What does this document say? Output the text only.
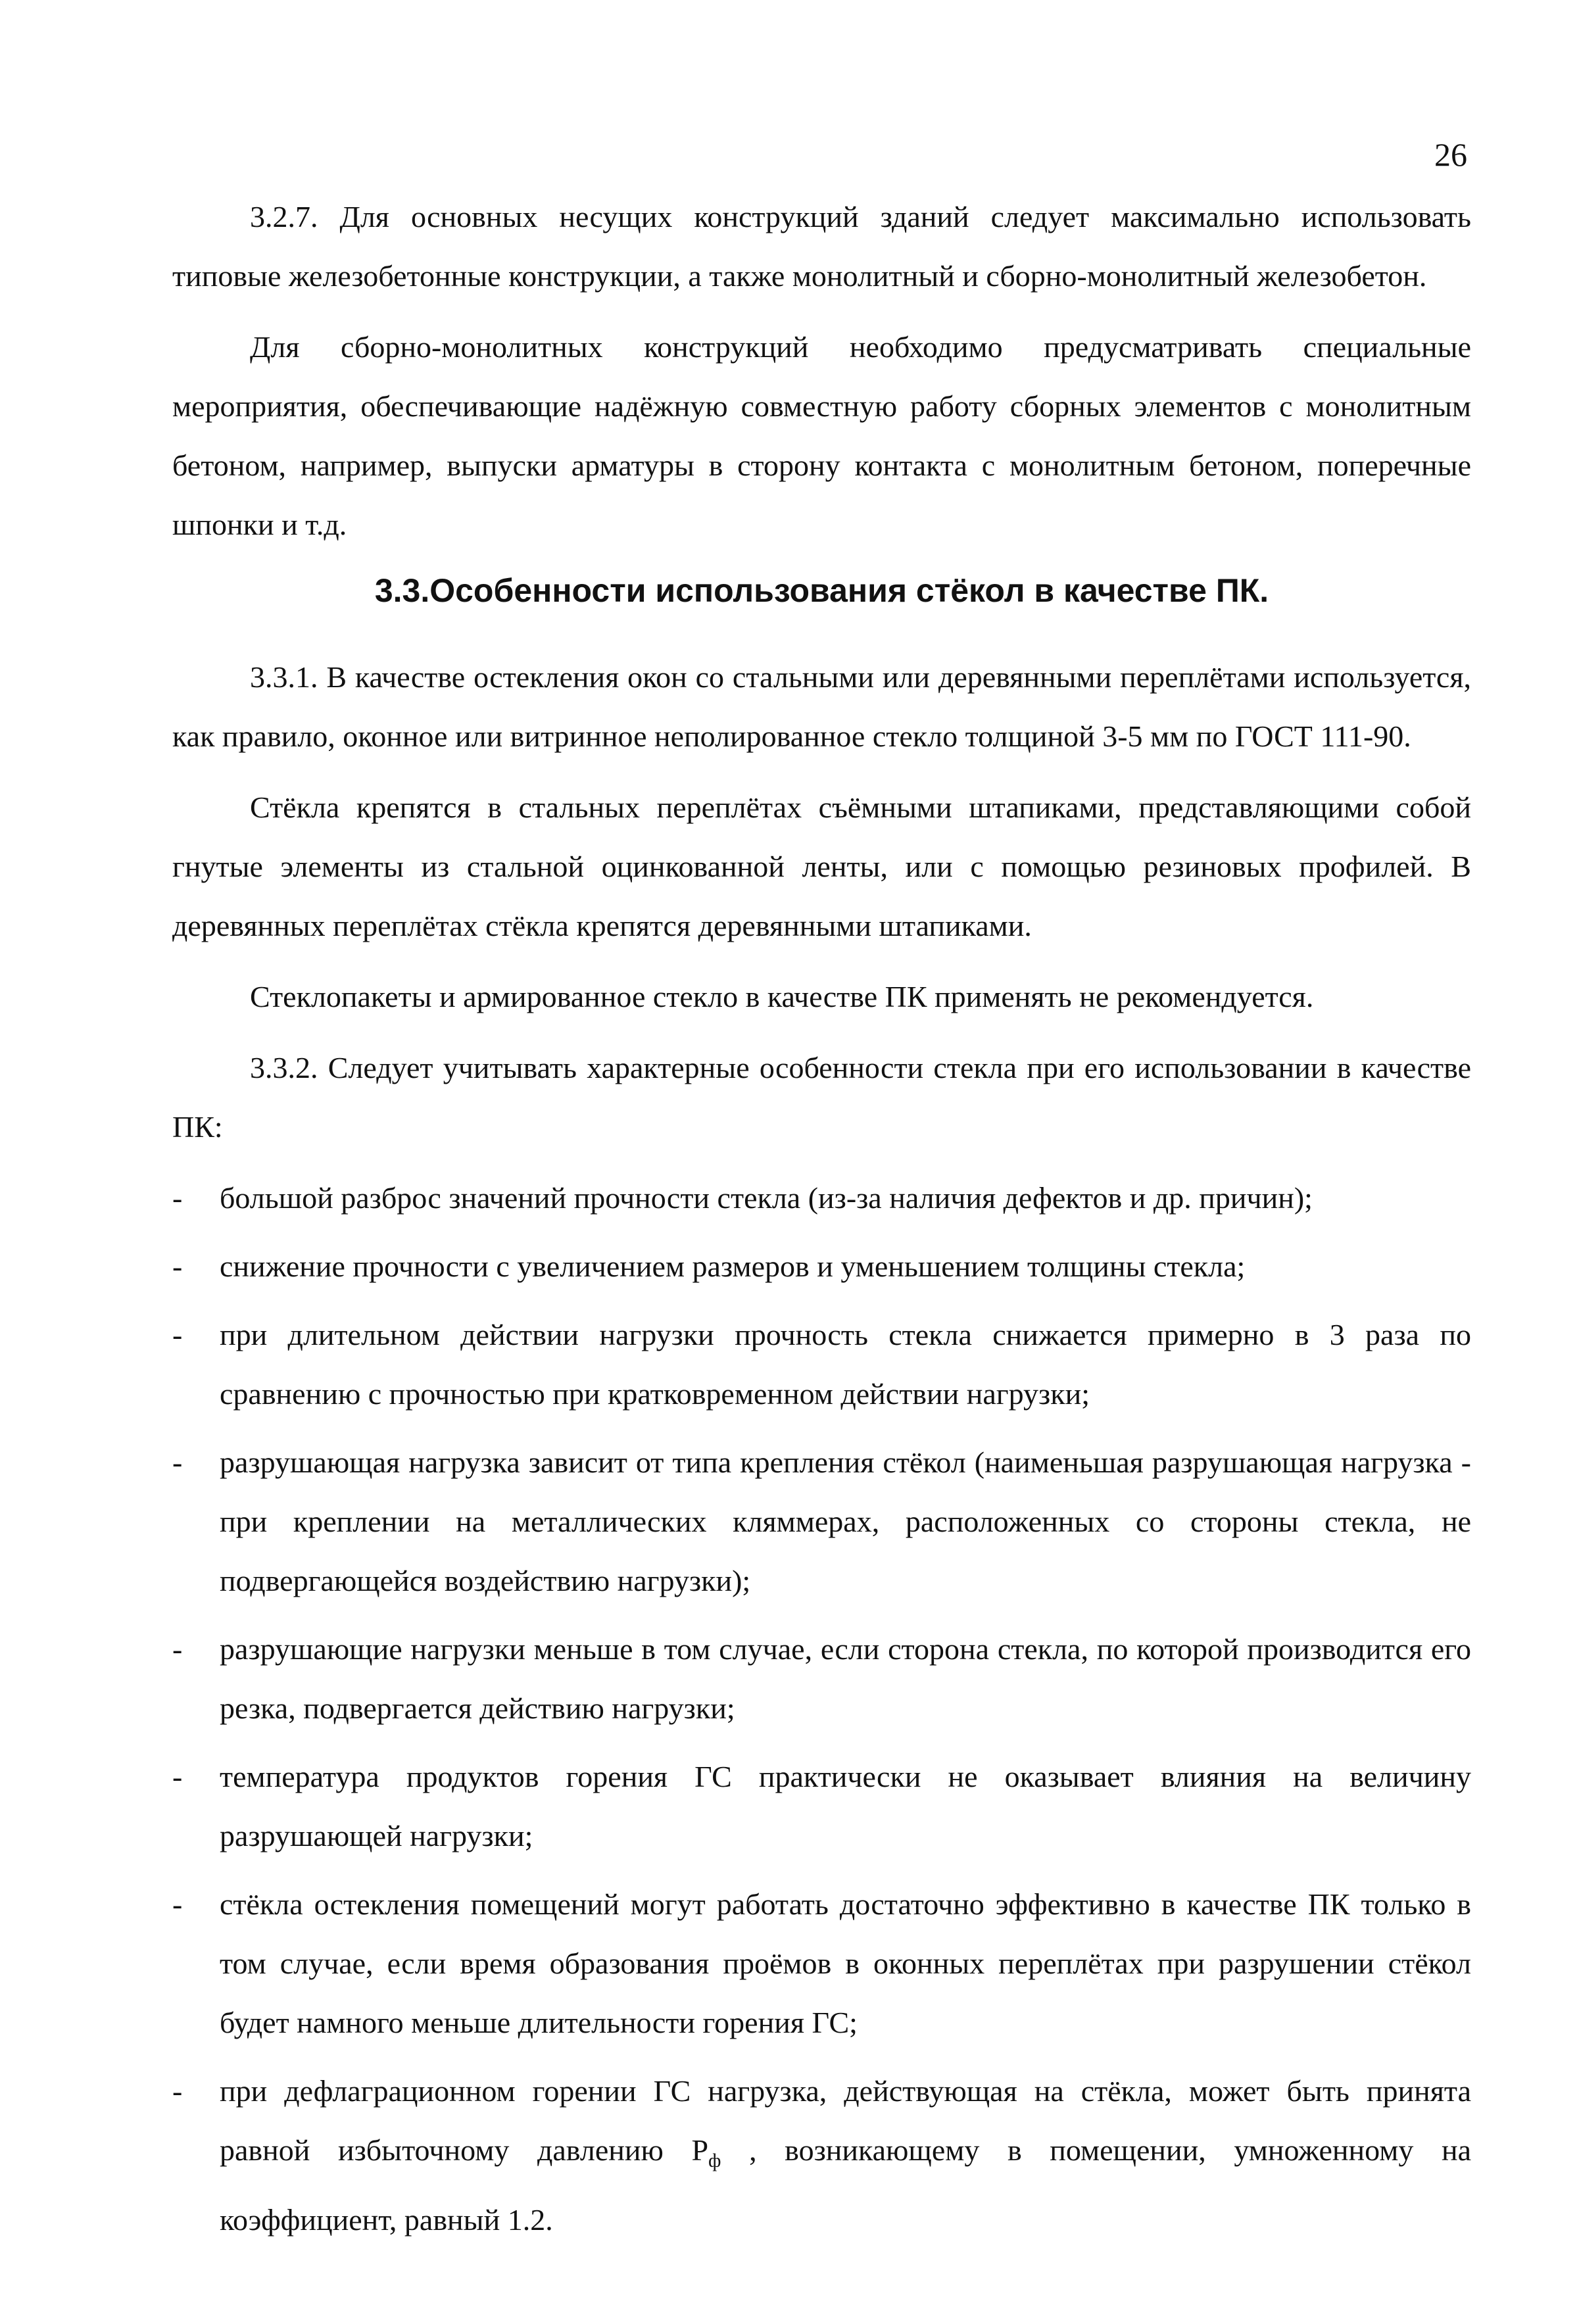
26

3.2.7. Для основных несущих конструкций зданий следует максимально использовать типовые железобетонные конструкции, а также монолитный и сборно-монолитный железобетон.

Для сборно-монолитных конструкций необходимо предусматривать специальные мероприятия, обеспечивающие надёжную совместную работу сборных элементов с монолитным бетоном, например, выпуски арматуры в сторону контакта с монолитным бетоном, поперечные шпонки и т.д.

3.3.Особенности использования стёкол в качестве ПК.

3.3.1. В качестве остекления окон со стальными или деревянными переплётами используется, как правило, оконное или витринное неполированное стекло толщиной 3-5 мм по ГОСТ 111-90.

Стёкла крепятся в стальных переплётах съёмными штапиками, представляющими собой гнутые элементы из стальной оцинкованной ленты, или с помощью резиновых профилей. В деревянных переплётах стёкла крепятся деревянными штапиками.

Стеклопакеты и армированное стекло в качестве ПК применять не рекомендуется.

3.3.2. Следует учитывать характерные особенности стекла при его использовании в качестве ПК:

- большой разброс значений прочности стекла (из-за наличия дефектов и др. причин);
- снижение прочности с увеличением размеров и уменьшением толщины стекла;
- при длительном действии нагрузки прочность стекла снижается примерно в 3 раза по сравнению с прочностью при кратковременном действии нагрузки;
- разрушающая нагрузка зависит от типа крепления стёкол (наименьшая разрушающая нагрузка - при креплении на металлических кляммерах, расположенных со стороны стекла, не подвергающейся воздействию нагрузки);
- разрушающие нагрузки меньше в том случае, если сторона стекла, по которой производится его резка, подвергается действию нагрузки;
- температура продуктов горения ГС практически не оказывает влияния на величину разрушающей нагрузки;
- стёкла остекления помещений могут работать достаточно эффективно в качестве ПК только в том случае, если время образования проёмов в оконных переплётах при разрушении стёкол будет намного меньше длительности горения ГС;
- при дефлаграционном горении ГС нагрузка, действующая на стёкла, может быть принята равной избыточному давлению $Р_ф$ , возникающему в помещении, умноженному на коэффициент, равный 1.2.
